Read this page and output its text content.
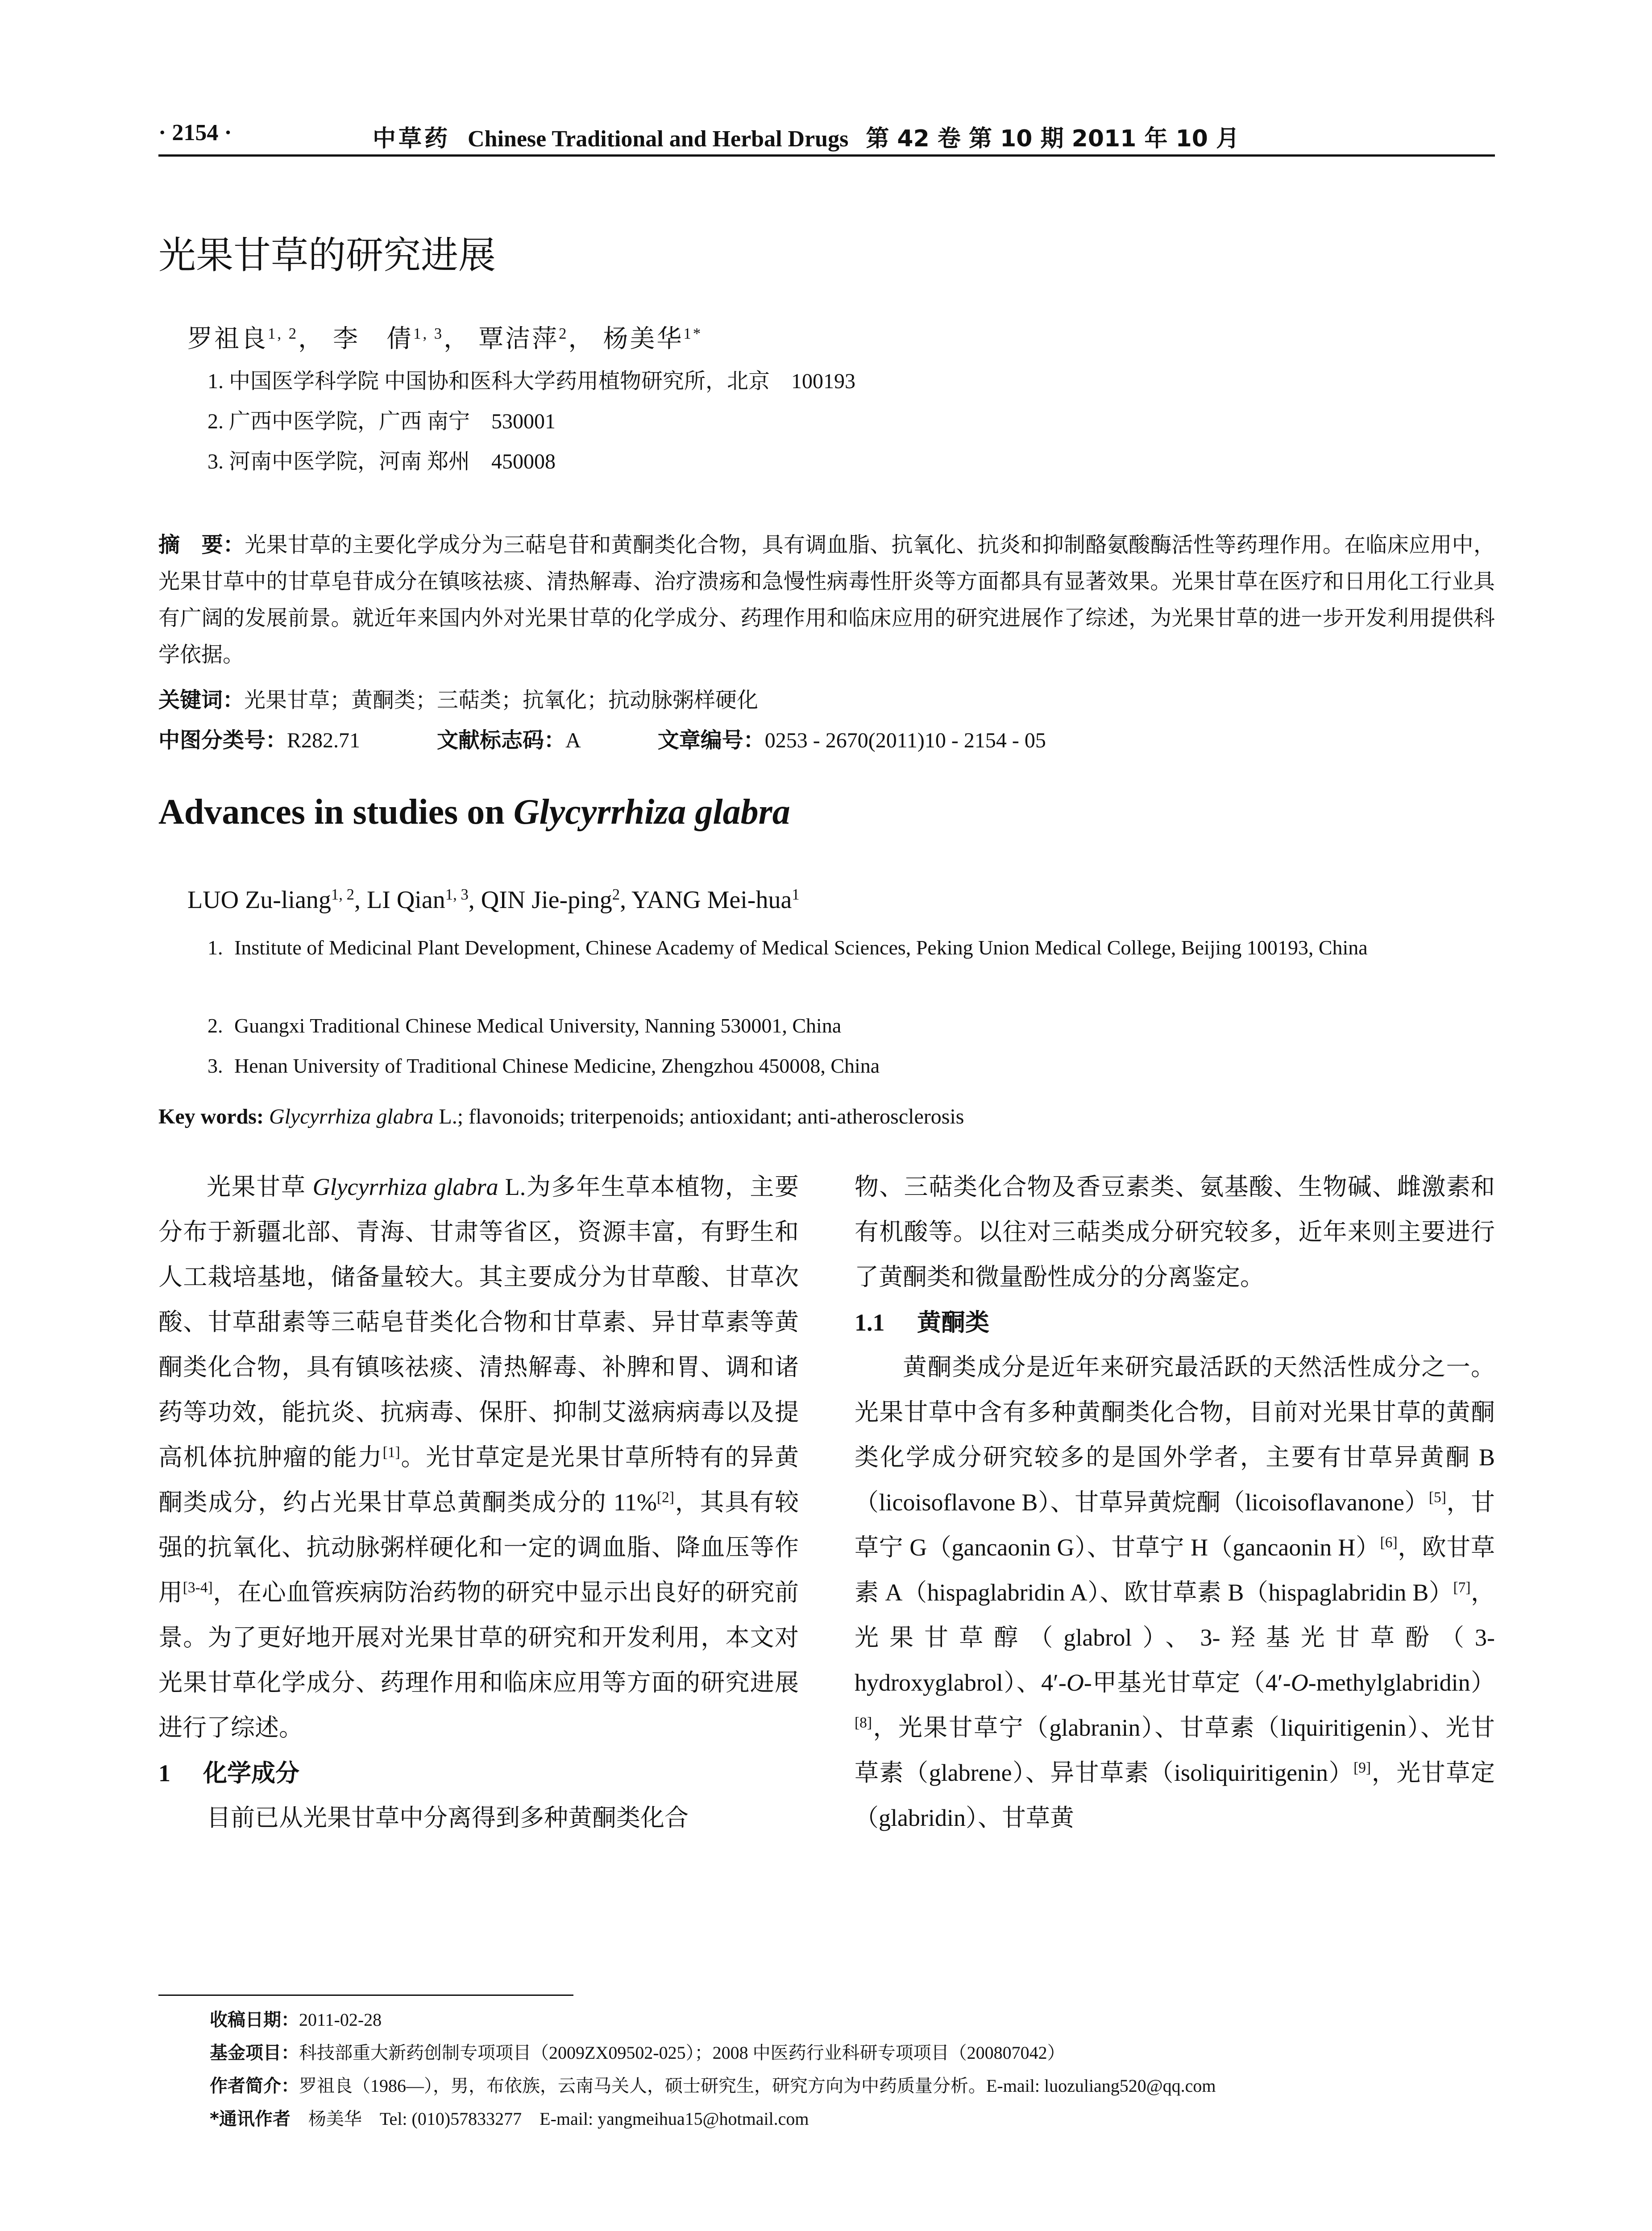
· 2154 ·	中草药 Chinese Traditional and Herbal Drugs 第 42 卷 第 10 期 2011 年 10 月
光果甘草的研究进展
罗祖良$^{1, 2}$， 李　倩$^{1, 3}$， 覃洁萍$^2$， 杨美华$^{1*}$
1. 中国医学科学院 中国协和医科大学药用植物研究所，北京　100193
2. 广西中医学院，广西 南宁　530001
3. 河南中医学院，河南 郑州　450008
摘　要：光果甘草的主要化学成分为三萜皂苷和黄酮类化合物，具有调血脂、抗氧化、抗炎和抑制酪氨酸酶活性等药理作用。在临床应用中，光果甘草中的甘草皂苷成分在镇咳祛痰、清热解毒、治疗溃疡和急慢性病毒性肝炎等方面都具有显著效果。光果甘草在医疗和日用化工行业具有广阔的发展前景。就近年来国内外对光果甘草的化学成分、药理作用和临床应用的研究进展作了综述，为光果甘草的进一步开发利用提供科学依据。
关键词：光果甘草；黄酮类；三萜类；抗氧化；抗动脉粥样硬化
中图分类号：R282.71	文献标志码：A	文章编号：0253 - 2670(2011)10 - 2154 - 05
Advances in studies on Glycyrrhiza glabra
LUO Zu-liang$^{1, 2}$, LI Qian$^{1, 3}$, QIN Jie-ping$^2$, YANG Mei-hua$^1$
1. Institute of Medicinal Plant Development, Chinese Academy of Medical Sciences, Peking Union Medical College, Beijing 100193, China
2. Guangxi Traditional Chinese Medical University, Nanning 530001, China
3. Henan University of Traditional Chinese Medicine, Zhengzhou 450008, China
Key words: Glycyrrhiza glabra L.; flavonoids; triterpenoids; antioxidant; anti-atherosclerosis

光果甘草 Glycyrrhiza glabra L.为多年生草本植物，主要分布于新疆北部、青海、甘肃等省区，资源丰富，有野生和人工栽培基地，储备量较大。其主要成分为甘草酸、甘草次酸、甘草甜素等三萜皂苷类化合物和甘草素、异甘草素等黄酮类化合物，具有镇咳祛痰、清热解毒、补脾和胃、调和诸药等功效，能抗炎、抗病毒、保肝、抑制艾滋病病毒以及提高机体抗肿瘤的能力[1]。光甘草定是光果甘草所特有的异黄酮类成分，约占光果甘草总黄酮类成分的 11%[2]，其具有较强的抗氧化、抗动脉粥样硬化和一定的调血脂、降血压等作用[3-4]，在心血管疾病防治药物的研究中显示出良好的研究前景。为了更好地开展对光果甘草的研究和开发利用，本文对光果甘草化学成分、药理作用和临床应用等方面的研究进展进行了综述。

1 化学成分

目前已从光果甘草中分离得到多种黄酮类化合

物、三萜类化合物及香豆素类、氨基酸、生物碱、雌激素和有机酸等。以往对三萜类成分研究较多，近年来则主要进行了黄酮类和微量酚性成分的分离鉴定。

1.1 黄酮类

黄酮类成分是近年来研究最活跃的天然活性成分之一。光果甘草中含有多种黄酮类化合物，目前对光果甘草的黄酮类化学成分研究较多的是国外学者，主要有甘草异黄酮 B（licoisoflavone B）、甘草异黄烷酮（licoisoflavanone）[5]，甘草宁 G（gancaonin G）、甘草宁 H（gancaonin H）[6]，欧甘草素 A（hispaglabridin A）、欧甘草素 B（hispaglabridin B）[7]，光果甘草醇（glabrol）、3-羟基光甘草酚（3-hydroxyglabrol）、4′-O-甲基光甘草定（4′-O-methylglabridin）[8]，光果甘草宁（glabranin）、甘草素（liquiritigenin）、光甘草素（glabrene）、异甘草素（isoliquiritigenin）[9]，光甘草定（glabridin）、甘草黄

收稿日期：2011-02-28
基金项目：科技部重大新药创制专项项目（2009ZX09502-025）；2008 中医药行业科研专项项目（200807042）
作者简介：罗祖良（1986—），男，布依族，云南马关人，硕士研究生，研究方向为中药质量分析。E-mail: luozuliang520@qq.com
*通讯作者　 杨美华　Tel: (010)57833277　E-mail: yangmeihua15@hotmail.com
